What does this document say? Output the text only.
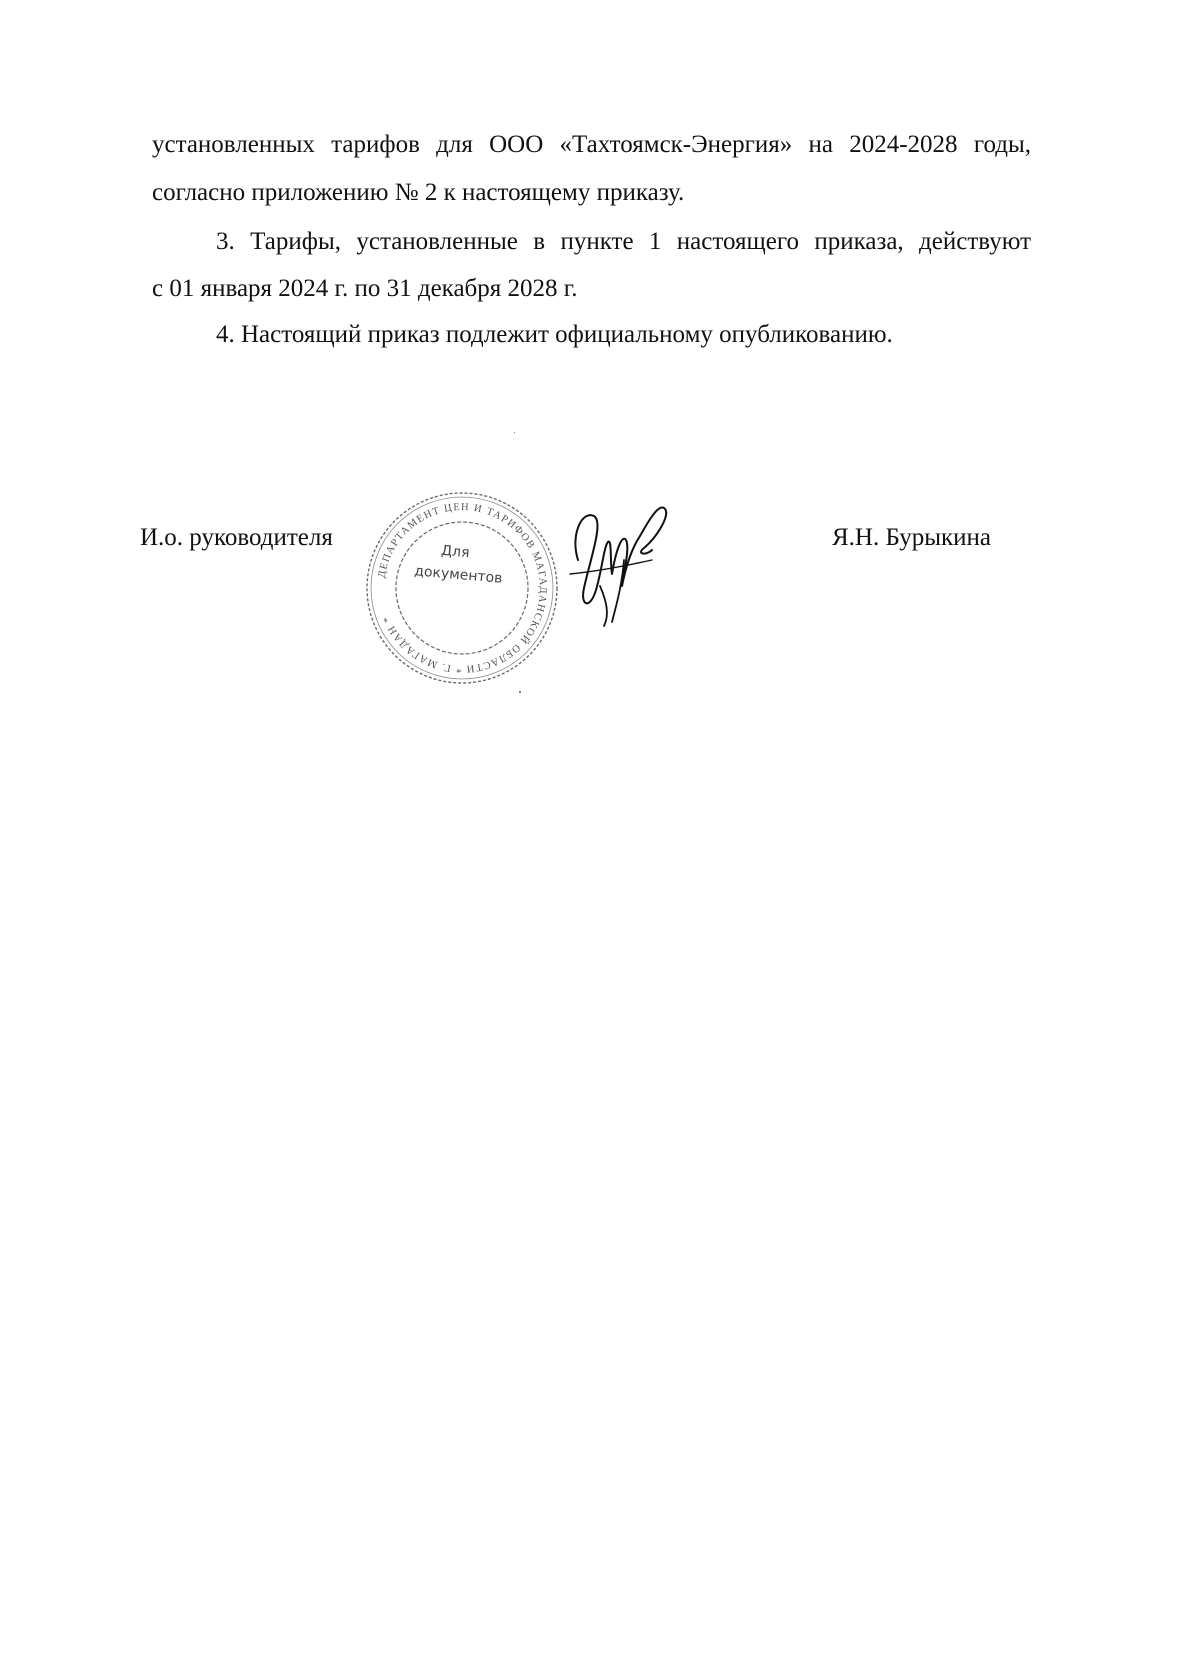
установленных тарифов для ООО «Тахтоямск-Энергия» на 2024-2028 годы,
согласно приложению № 2 к настоящему приказу.
3. Тарифы, установленные в пункте 1 настоящего приказа, действуют
с 01 января 2024 г. по 31 декабря 2028 г.
4. Настоящий приказ подлежит официальному опубликованию.
И.о. руководителя	Я.Н. Бурыкина
ДЕПАРТАМЕНТ ЦЕН И ТАРИФОВ МАГАДАНСКОЙ ОБЛАСТИ * Г. МАГАДАН *
Для
документов
